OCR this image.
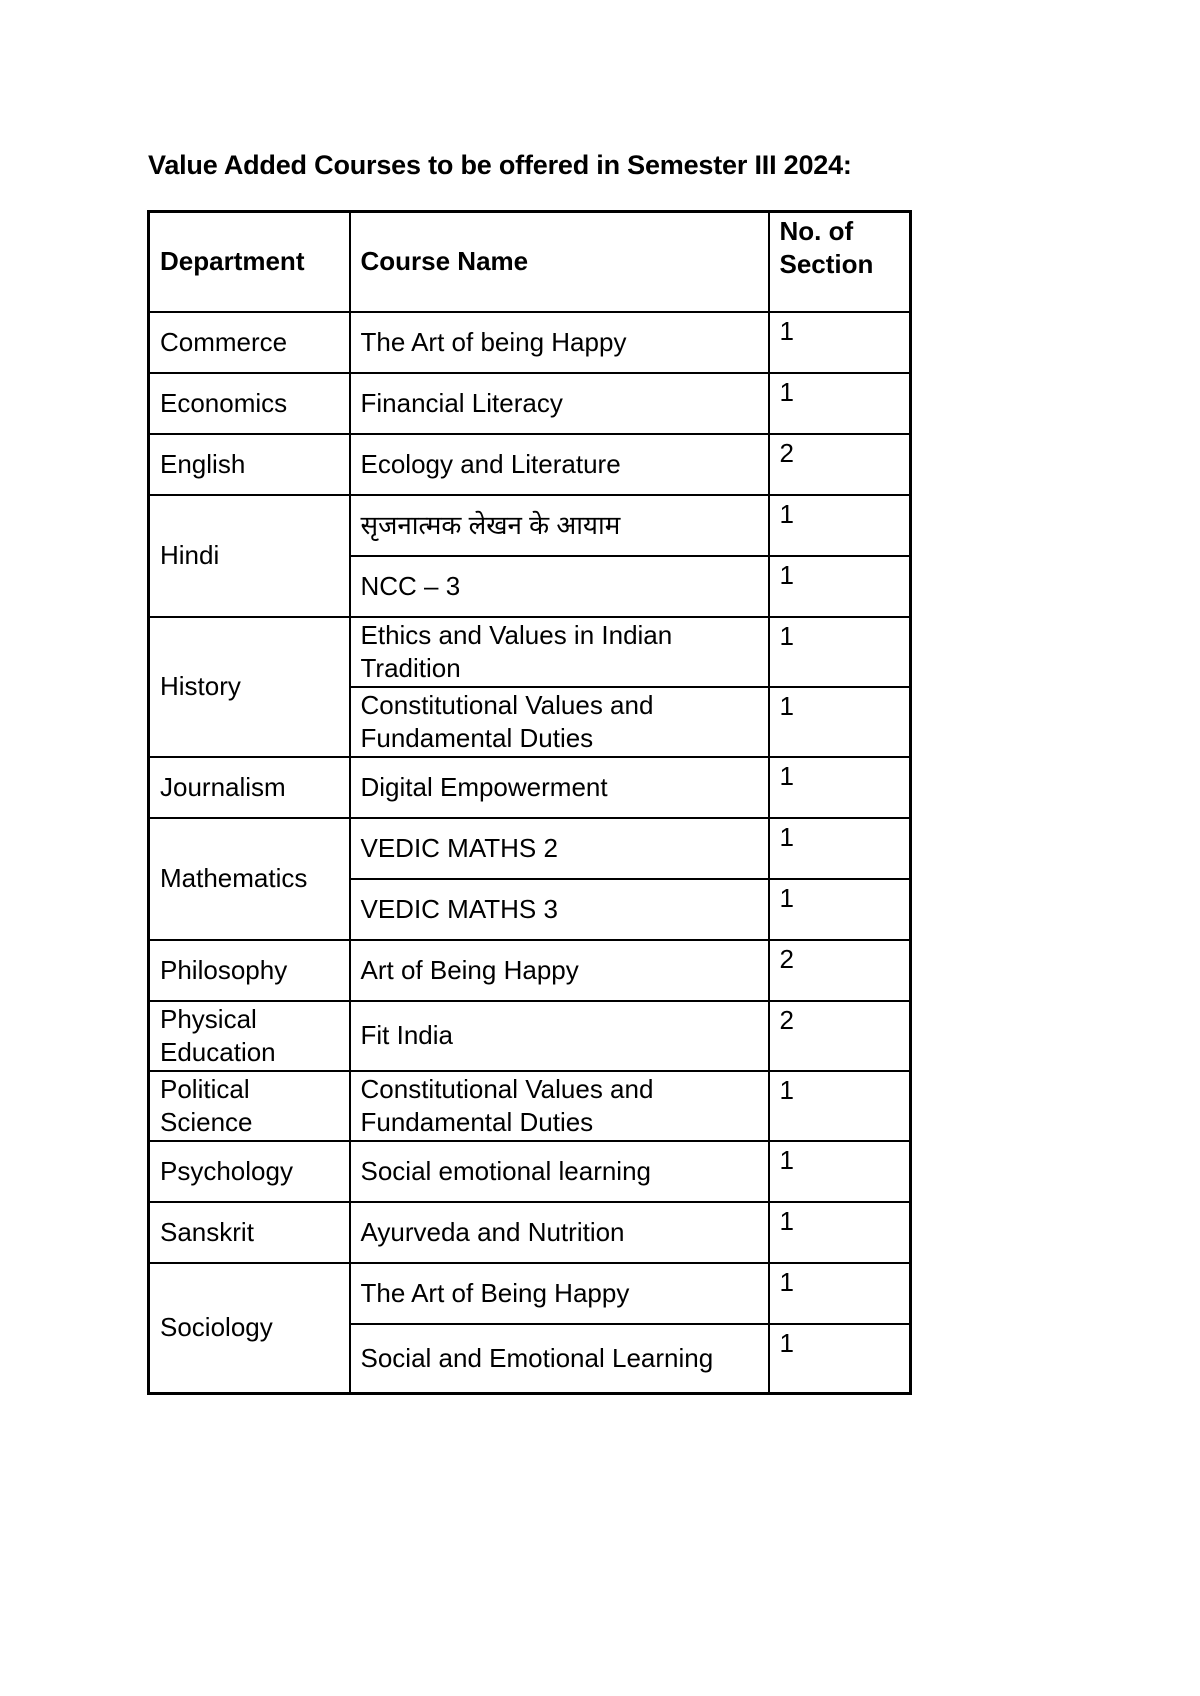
Value Added Courses to be offered in Semester III 2024:
Department	Course Name	No. of Section
Commerce	The Art of being Happy	1
Economics	Financial Literacy	1
English	Ecology and Literature	2
Hindi	सृजनात्मक लेखन के आयाम	1
	NCC – 3	1
History	Ethics and Values in Indian Tradition	1
	Constitutional Values and Fundamental Duties	1
Journalism	Digital Empowerment	1
Mathematics	VEDIC MATHS 2	1
	VEDIC MATHS 3	1
Philosophy	Art of Being Happy	2
Physical Education	Fit India	2
Political Science	Constitutional Values and Fundamental Duties	1
Psychology	Social emotional learning	1
Sanskrit	Ayurveda and Nutrition	1
Sociology	The Art of Being Happy	1
	Social and Emotional Learning	1
